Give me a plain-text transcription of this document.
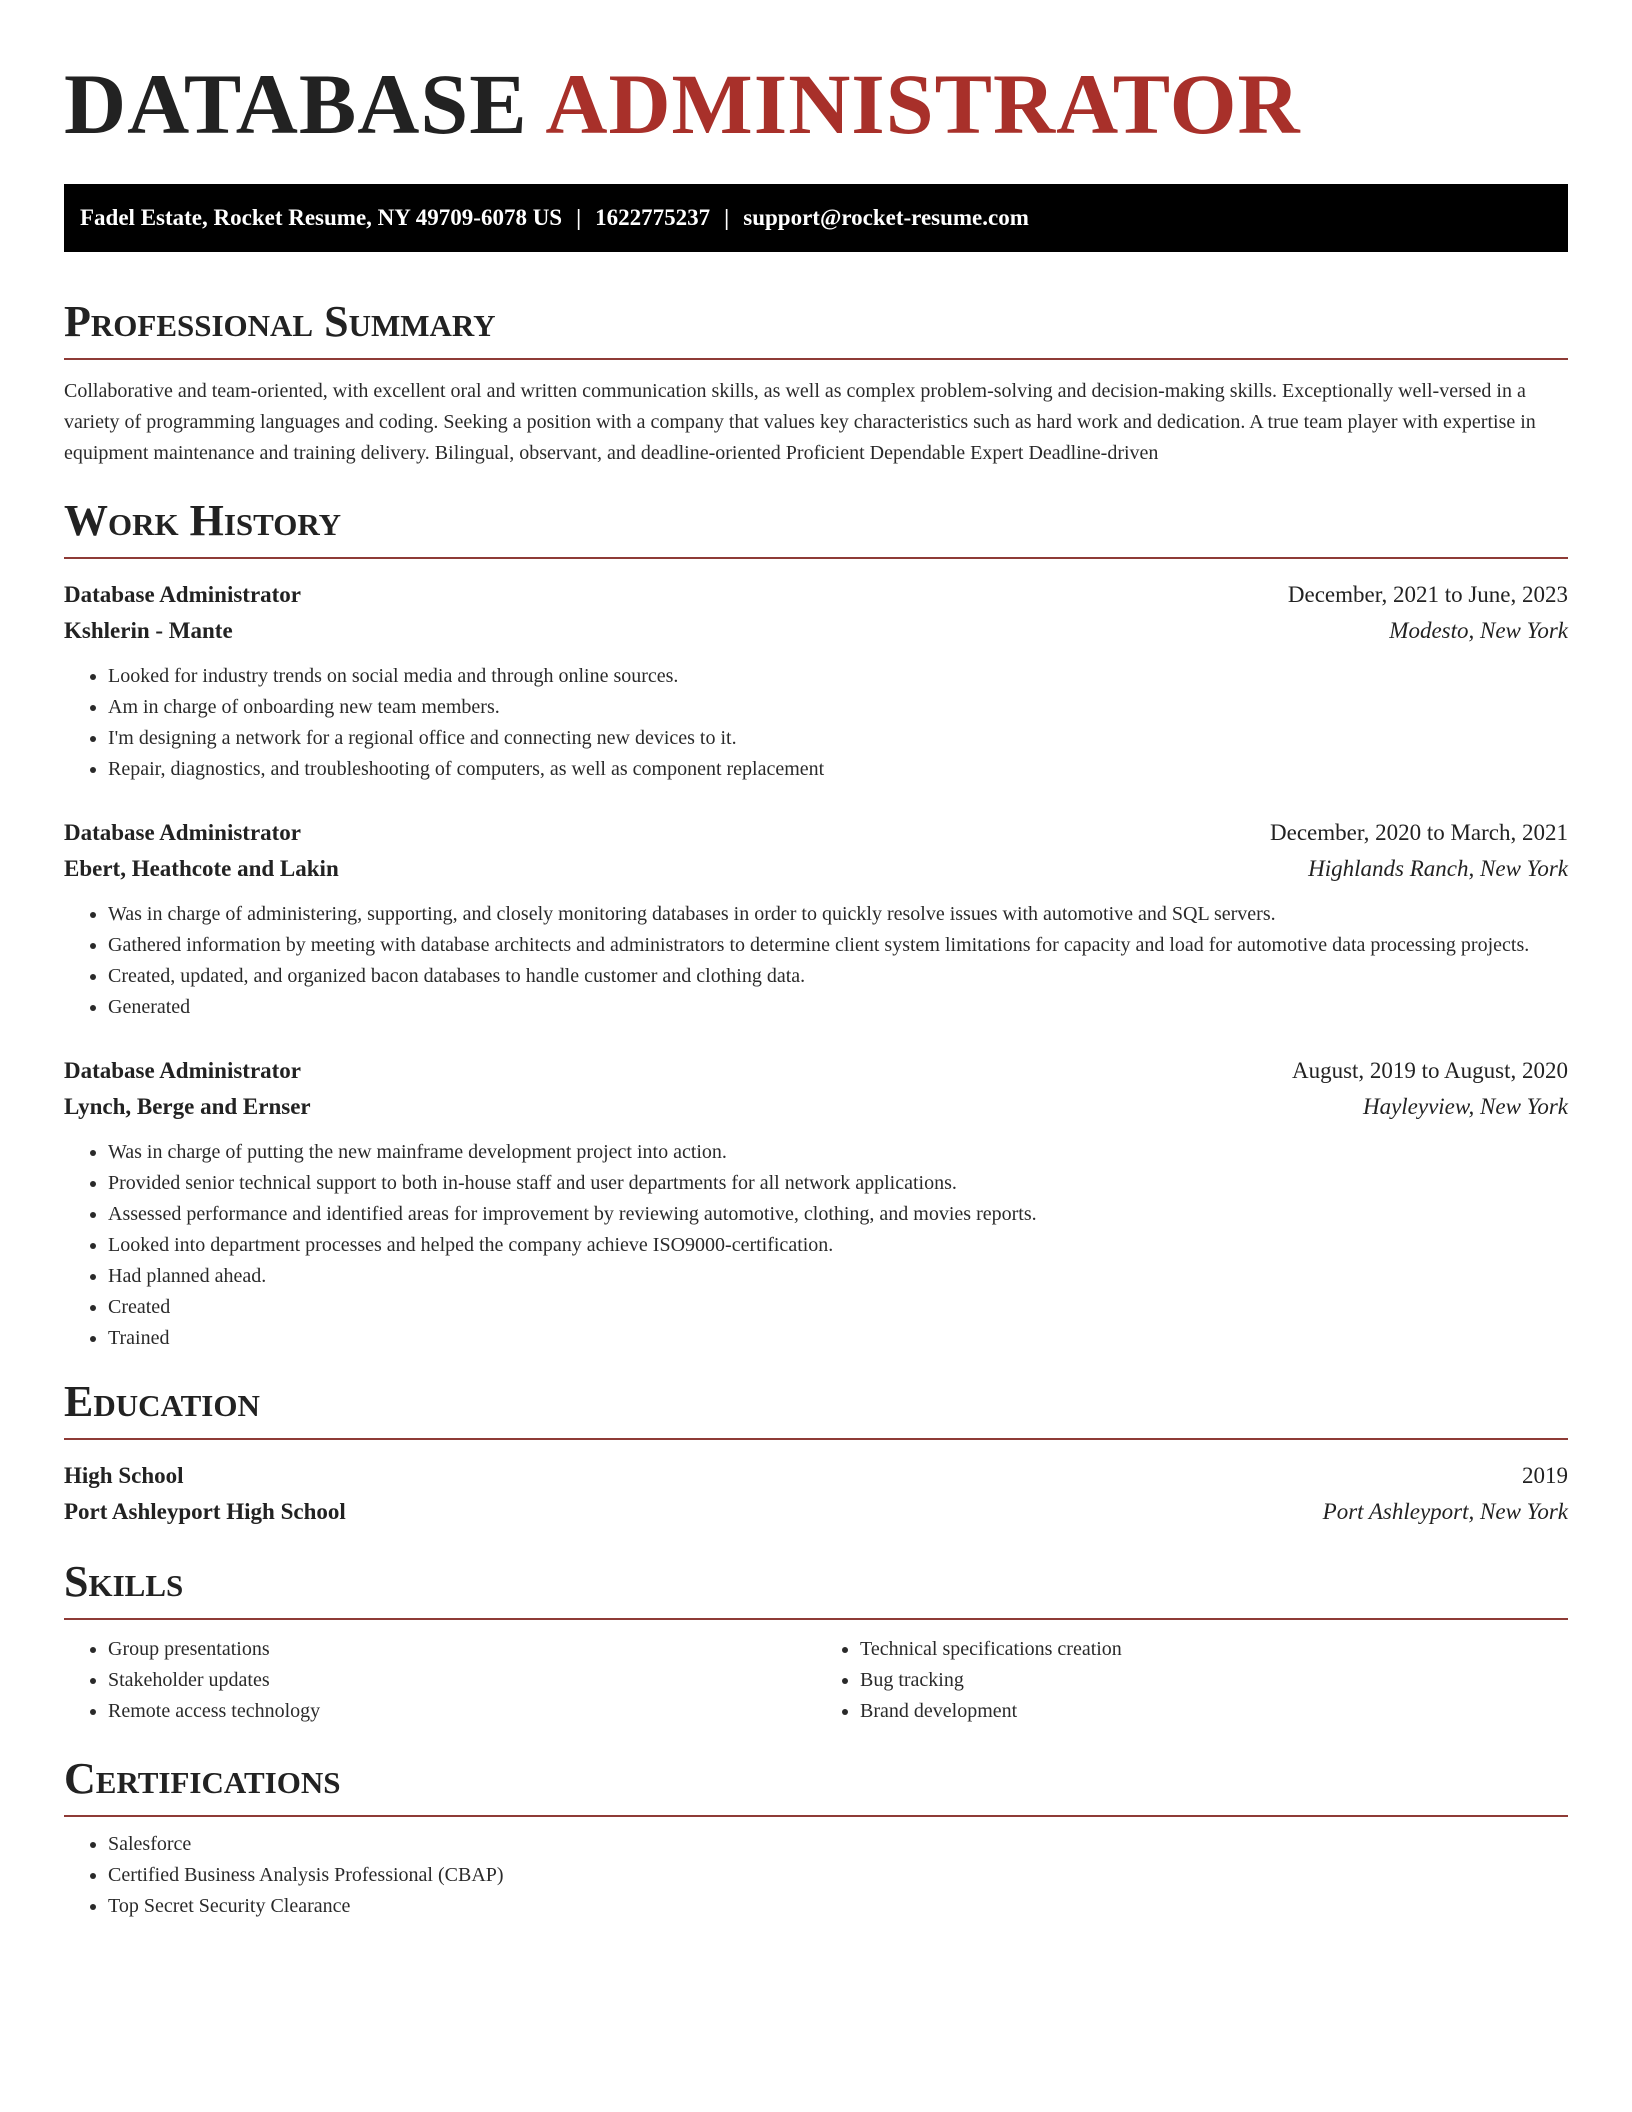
DATABASE ADMINISTRATOR
Fadel Estate, Rocket Resume, NY 49709-6078 US | 1622775237 | support@rocket-resume.com
Professional Summary

Collaborative and team-oriented, with excellent oral and written communication skills, as well as complex problem-solving and decision-making skills. Exceptionally well-versed in a variety of programming languages and coding. Seeking a position with a company that values key characteristics such as hard work and dedication. A true team player with expertise in equipment maintenance and training delivery. Bilingual, observant, and deadline-oriented Proficient Dependable Expert Deadline-driven

Work History
Database Administrator	December, 2021 to June, 2023
Kshlerin - Mante	Modesto, New York
• Looked for industry trends on social media and through online sources.
• Am in charge of onboarding new team members.
• I'm designing a network for a regional office and connecting new devices to it.
• Repair, diagnostics, and troubleshooting of computers, as well as component replacement
Database Administrator	December, 2020 to March, 2021
Ebert, Heathcote and Lakin	Highlands Ranch, New York
• Was in charge of administering, supporting, and closely monitoring databases in order to quickly resolve issues with automotive and SQL servers.
• Gathered information by meeting with database architects and administrators to determine client system limitations for capacity and load for automotive data processing projects.
• Created, updated, and organized bacon databases to handle customer and clothing data.
• Generated
Database Administrator	August, 2019 to August, 2020
Lynch, Berge and Ernser	Hayleyview, New York
• Was in charge of putting the new mainframe development project into action.
• Provided senior technical support to both in-house staff and user departments for all network applications.
• Assessed performance and identified areas for improvement by reviewing automotive, clothing, and movies reports.
• Looked into department processes and helped the company achieve ISO9000-certification.
• Had planned ahead.
• Created
• Trained
Education
High School	2019
Port Ashleyport High School	Port Ashleyport, New York
Skills
• Group presentations
• Stakeholder updates
• Remote access technology
• Technical specifications creation
• Bug tracking
• Brand development
Certifications
• Salesforce
• Certified Business Analysis Professional (CBAP)
• Top Secret Security Clearance
